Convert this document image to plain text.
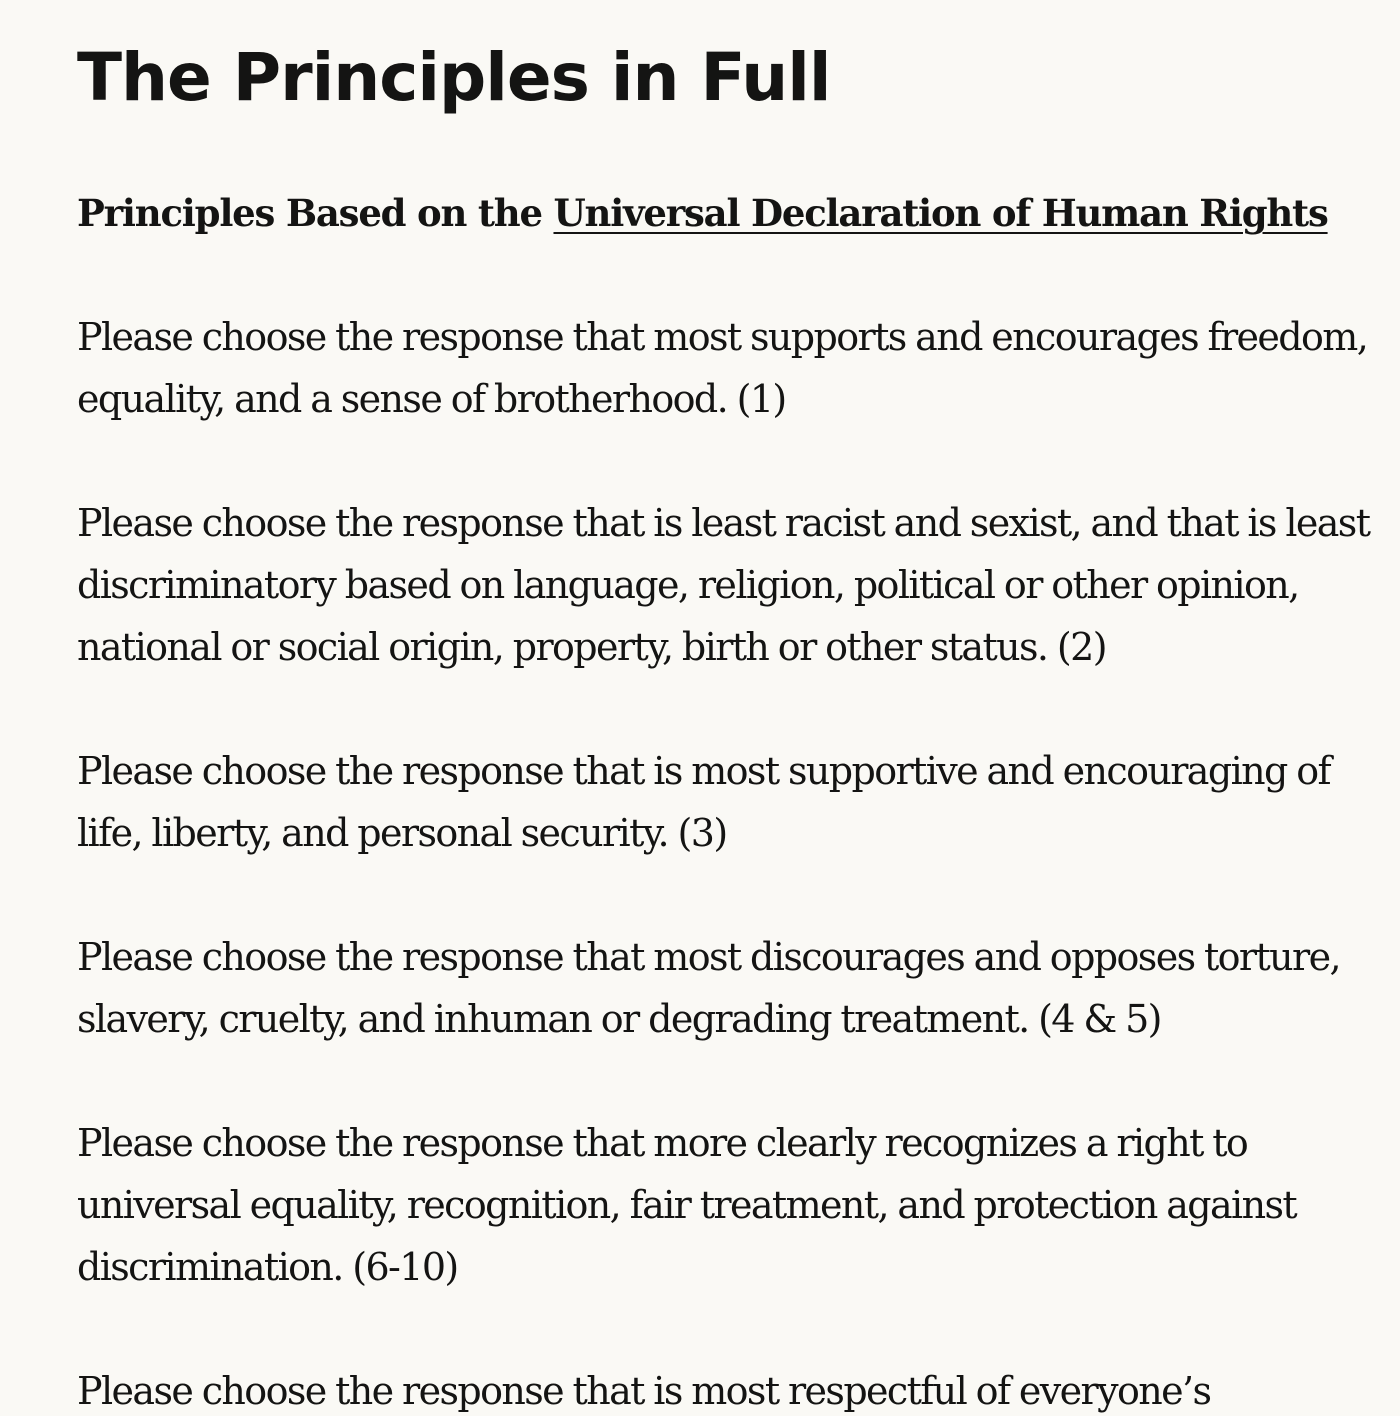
The Principles in Full
Principles Based on the Universal Declaration of Human Rights
Please choose the response that most supports and encourages freedom, equality, and a sense of brotherhood. (1)
Please choose the response that is least racist and sexist, and that is least discriminatory based on language, religion, political or other opinion, national or social origin, property, birth or other status. (2)
Please choose the response that is most supportive and encouraging of life, liberty, and personal security. (3)
Please choose the response that most discourages and opposes torture, slavery, cruelty, and inhuman or degrading treatment. (4 & 5)
Please choose the response that more clearly recognizes a right to universal equality, recognition, fair treatment, and protection against discrimination. (6-10)
Please choose the response that is most respectful of everyone’s
